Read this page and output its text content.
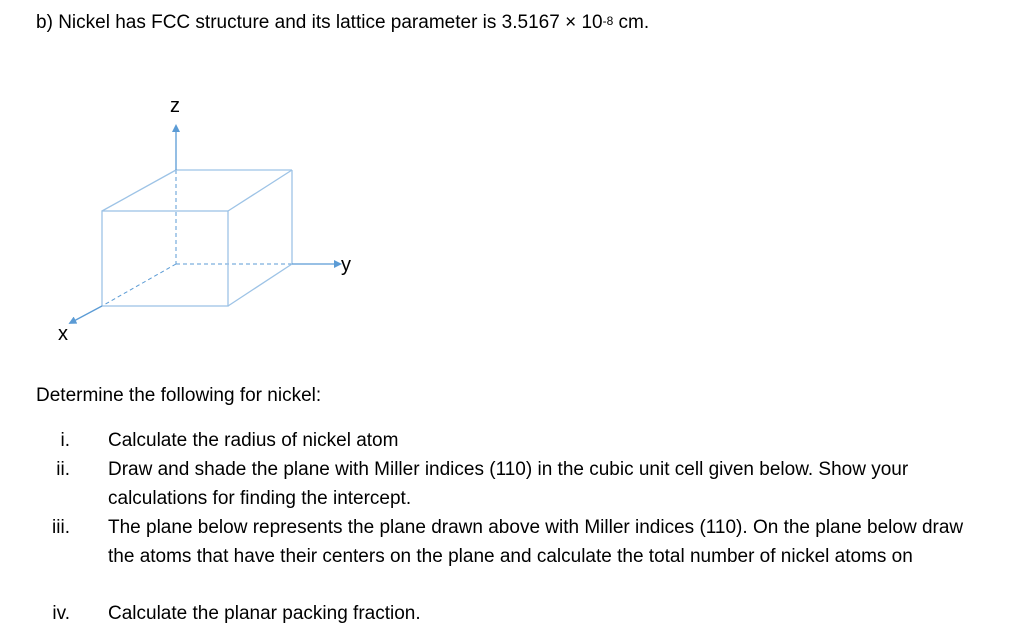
b) Nickel has FCC structure and its lattice parameter is $3.5167 \times 10^{-8}$ cm.
z
y
x
Determine the following for nickel:
i. Calculate the radius of nickel atom
ii. Draw and shade the plane with Miller indices (110) in the cubic unit cell given below. Show your calculations for finding the intercept.
iii. The plane below represents the plane drawn above with Miller indices (110). On the plane below draw the atoms that have their centers on the plane and calculate the total number of nickel atoms on
iv. Calculate the planar packing fraction.
